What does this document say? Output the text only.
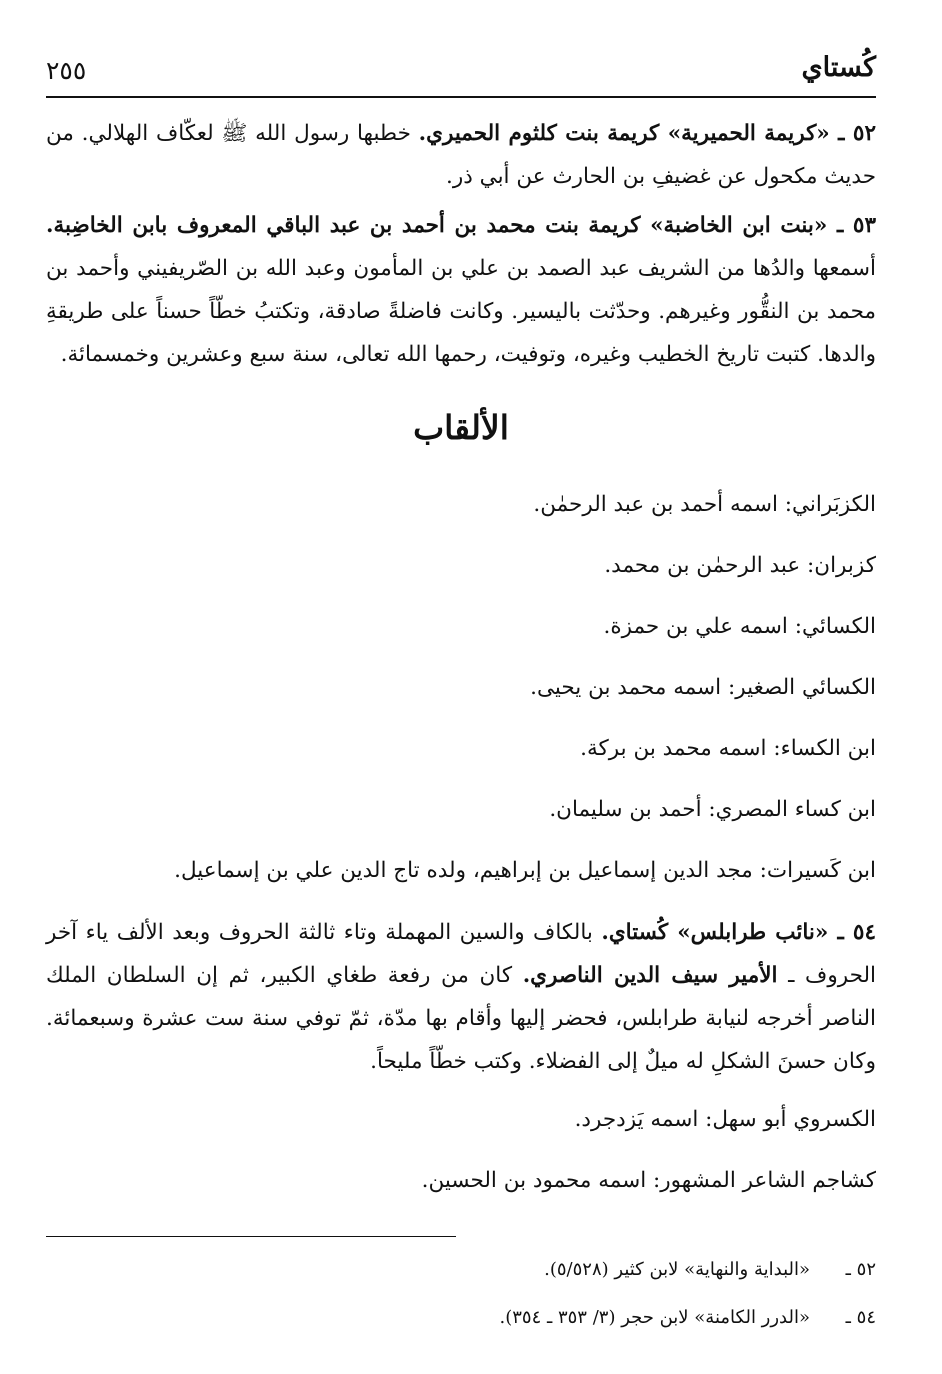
كُستاي
٢٥٥

٥٢ ـ «كريمة الحميرية» كريمة بنت كلثوم الحميري. خطبها رسول الله ﷺ لعكّاف الهلالي. من حديث مكحول عن غضيفِ بن الحارث عن أبي ذر.

٥٣ ـ «بنت ابن الخاضبة» كريمة بنت محمد بن أحمد بن عبد الباقي المعروف بابن الخاضِبة. أسمعها والدُها من الشريف عبد الصمد بن علي بن المأمون وعبد الله بن الصّريفيني وأحمد بن محمد بن النقُّور وغيرهم. وحدّثت باليسير. وكانت فاضلةً صادقة، وتكتبُ خطّاً حسناً على طريقةِ والدها. كتبت تاريخ الخطيب وغيره، وتوفيت، رحمها الله تعالى، سنة سبع وعشرين وخمسمائة.

الألقاب

الكزبَراني: اسمه أحمد بن عبد الرحمٰن.

كزبران: عبد الرحمٰن بن محمد.

الكسائي: اسمه علي بن حمزة.

الكسائي الصغير: اسمه محمد بن يحيى.

ابن الكساء: اسمه محمد بن بركة.

ابن كساء المصري: أحمد بن سليمان.

ابن كَسيرات: مجد الدين إسماعيل بن إبراهيم، ولده تاج الدين علي بن إسماعيل.

٥٤ ـ «نائب طرابلس» كُستاي. بالكاف والسين المهملة وتاء ثالثة الحروف وبعد الألف ياء آخر الحروف ـ الأمير سيف الدين الناصري. كان من رفعة طغاي الكبير، ثم إن السلطان الملك الناصر أخرجه لنيابة طرابلس، فحضر إليها وأقام بها مدّة، ثمّ توفي سنة ست عشرة وسبعمائة. وكان حسنَ الشكلِ له ميلٌ إلى الفضلاء. وكتب خطّاً مليحاً.

الكسروي أبو سهل: اسمه يَزدجرد.

كشاجم الشاعر المشهور: اسمه محمود بن الحسين.

٥٢ ـ«البداية والنهاية» لابن كثير (٥/٥٢٨).

٥٤ ـ«الدرر الكامنة» لابن حجر (٣/ ٣٥٣ ـ ٣٥٤).
